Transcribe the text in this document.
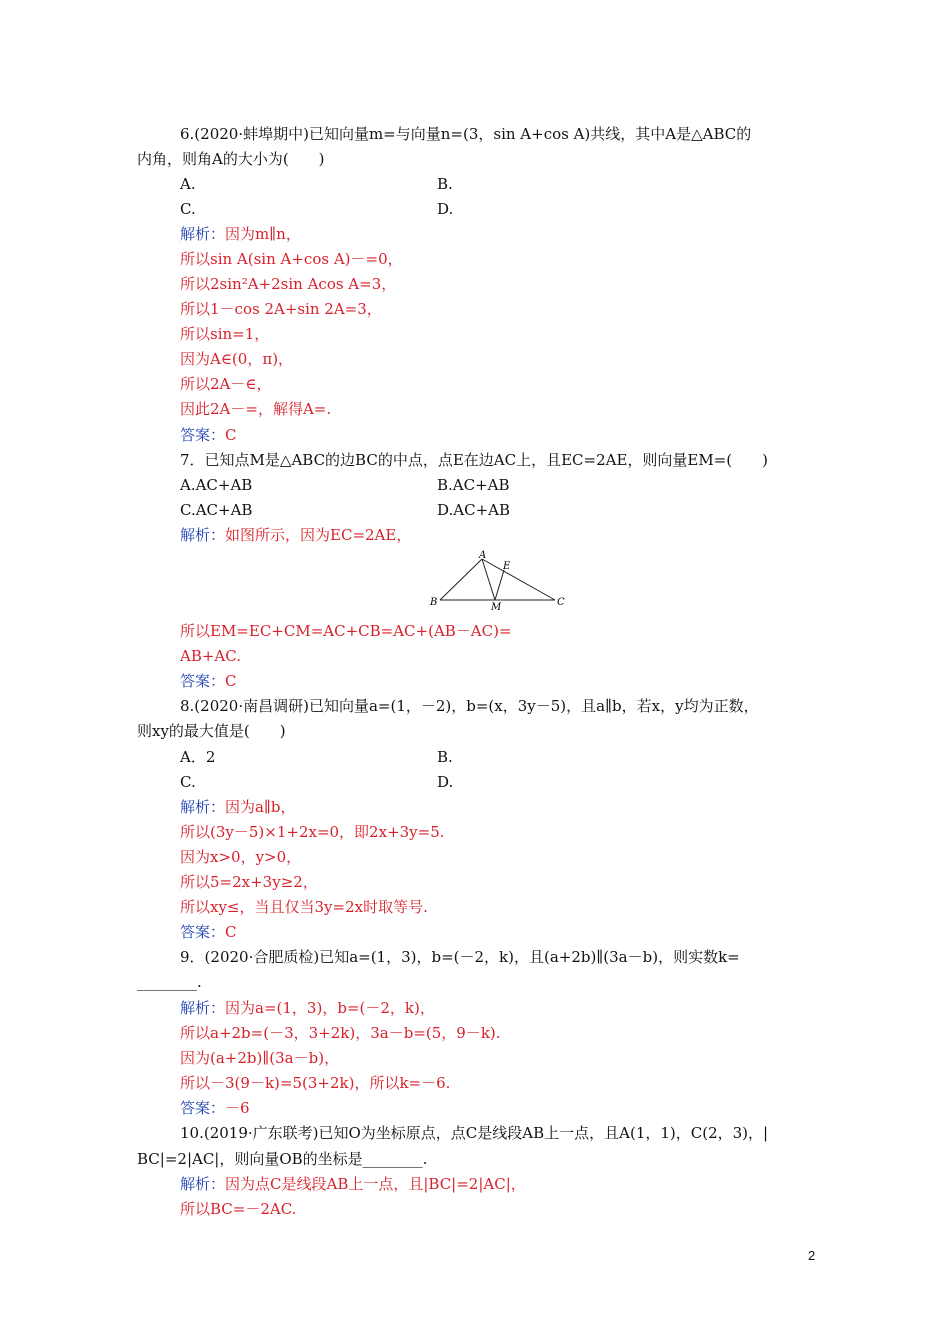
6.(2020·蚌埠期中)已知向量m=与向量n=(3，sin A+cos A)共线，其中A是△ABC的
内角，则角A的大小为(　　)
A.	B.
C.	D.
解析：因为m∥n，
所以sin A(sin A+cos A)－=0，
所以2sin²A+2sin Acos A=3，
所以1－cos 2A+sin 2A=3，
所以sin=1，
因为A∈(0，π)，
所以2A－∈，
因此2A－=，解得A=.
答案：C
7．已知点M是△ABC的边BC的中点，点E在边AC上，且EC=2AE，则向量EM=(　　)
A.AC+AB	B.AC+AB
C.AC+AB	D.AC+AB
解析：如图所示，因为EC=2AE，
A
E
B	M	C
所以EM=EC+CM=AC+CB=AC+(AB－AC)=
AB+AC.
答案：C
8.(2020·南昌调研)已知向量a=(1，－2)，b=(x，3y－5)，且a∥b，若x，y均为正数，
则xy的最大值是(　　)
A．2	B.
C.	D.
解析：因为a∥b，
所以(3y－5)×1+2x=0，即2x+3y=5.
因为x>0，y>0，
所以5=2x+3y≥2，
所以xy≤，当且仅当3y=2x时取等号.
答案：C
9．(2020·合肥质检)已知a=(1，3)，b=(－2，k)，且(a+2b)∥(3a－b)，则实数k=
________.
解析：因为a=(1，3)，b=(－2，k)，
所以a+2b=(－3，3+2k)，3a－b=(5，9－k).
因为(a+2b)∥(3a－b)，
所以－3(9－k)=5(3+2k)，所以k=－6.
答案：－6
10.(2019·广东联考)已知O为坐标原点，点C是线段AB上一点，且A(1，1)，C(2，3)，|
BC|=2|AC|，则向量OB的坐标是________.
解析：因为点C是线段AB上一点，且|BC|=2|AC|，
所以BC=－2AC.
2
